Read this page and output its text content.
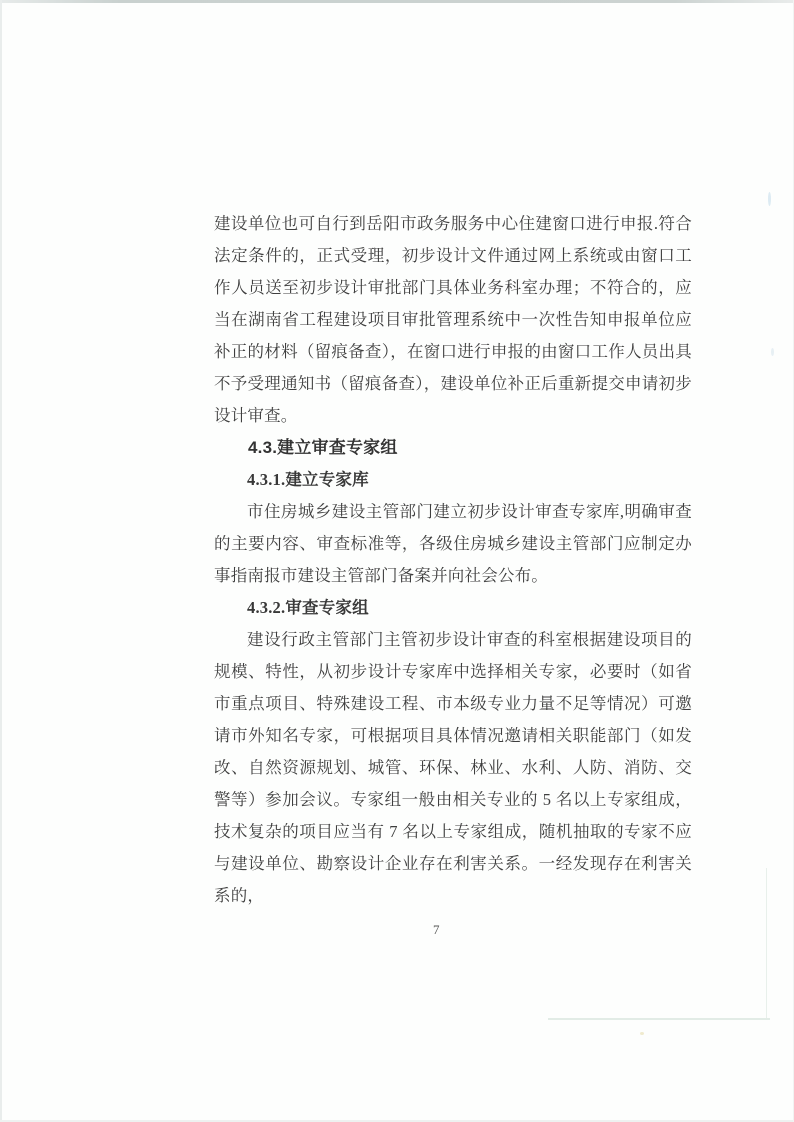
建设单位也可自行到岳阳市政务服务中心住建窗口进行申报.符合法定条件的，正式受理，初步设计文件通过网上系统或由窗口工作人员送至初步设计审批部门具体业务科室办理；不符合的，应当在湖南省工程建设项目审批管理系统中一次性告知申报单位应补正的材料（留痕备查），在窗口进行申报的由窗口工作人员出具不予受理通知书（留痕备查），建设单位补正后重新提交申请初步设计审查。

4.3.建立审查专家组
4.3.1.建立专家库

市住房城乡建设主管部门建立初步设计审查专家库,明确审查的主要内容、审查标准等，各级住房城乡建设主管部门应制定办事指南报市建设主管部门备案并向社会公布。

4.3.2.审查专家组

建设行政主管部门主管初步设计审查的科室根据建设项目的规模、特性，从初步设计专家库中选择相关专家，必要时（如省市重点项目、特殊建设工程、市本级专业力量不足等情况）可邀请市外知名专家，可根据项目具体情况邀请相关职能部门（如发改、自然资源规划、城管、环保、林业、水利、人防、消防、交警等）参加会议。专家组一般由相关专业的 5 名以上专家组成，技术复杂的项目应当有 7 名以上专家组成，随机抽取的专家不应与建设单位、勘察设计企业存在利害关系。一经发现存在利害关系的，

7
